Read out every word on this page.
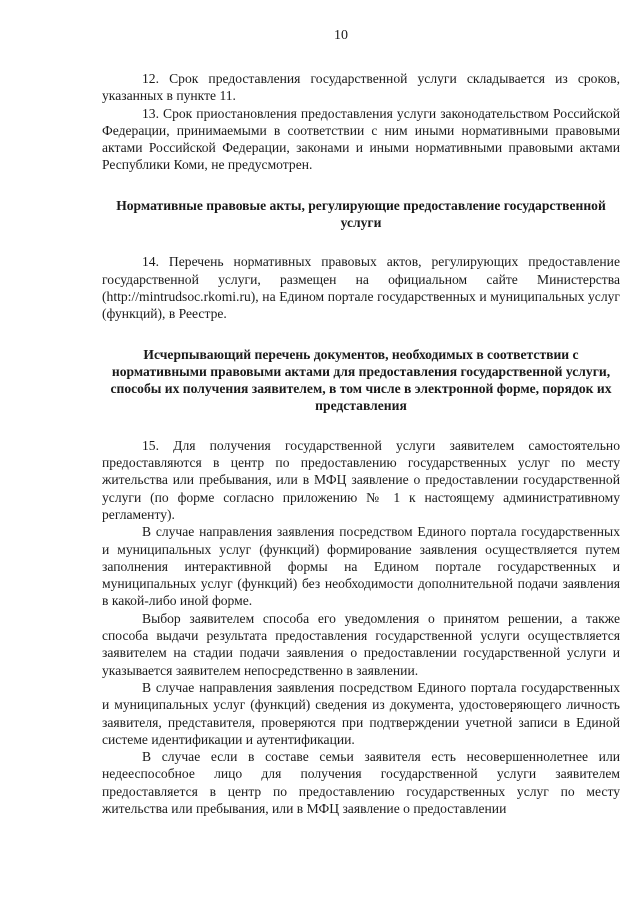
10

12. Срок предоставления государственной услуги складывается из сроков, указанных в пункте 11.

13. Срок приостановления предоставления услуги законодательством Российской Федерации, принимаемыми в соответствии с ним иными нормативными правовыми актами Российской Федерации, законами и иными нормативными правовыми актами Республики Коми, не предусмотрен.

Нормативные правовые акты, регулирующие предоставление государственной услуги

14. Перечень нормативных правовых актов, регулирующих предоставление государственной услуги, размещен на официальном сайте Министерства (http://mintrudsoc.rkomi.ru), на Едином портале государственных и муниципальных услуг (функций), в Реестре.

Исчерпывающий перечень документов, необходимых в соответствии с нормативными правовыми актами для предоставления государственной услуги, способы их получения заявителем, в том числе в электронной форме, порядок их представления

15. Для получения государственной услуги заявителем самостоятельно предоставляются в центр по предоставлению государственных услуг по месту жительства или пребывания, или в МФЦ заявление о предоставлении государственной услуги (по форме согласно приложению № 1 к настоящему административному регламенту).

В случае направления заявления посредством Единого портала государственных и муниципальных услуг (функций) формирование заявления осуществляется путем заполнения интерактивной формы на Едином портале государственных и муниципальных услуг (функций) без необходимости дополнительной подачи заявления в какой-либо иной форме.

Выбор заявителем способа его уведомления о принятом решении, а также способа выдачи результата предоставления государственной услуги осуществляется заявителем на стадии подачи заявления о предоставлении государственной услуги и указывается заявителем непосредственно в заявлении.

В случае направления заявления посредством Единого портала государственных и муниципальных услуг (функций) сведения из документа, удостоверяющего личность заявителя, представителя, проверяются при подтверждении учетной записи в Единой системе идентификации и аутентификации.

В случае если в составе семьи заявителя есть несовершеннолетнее или недееспособное лицо для получения государственной услуги заявителем предоставляется в центр по предоставлению государственных услуг по месту жительства или пребывания, или в МФЦ заявление о предоставлении
